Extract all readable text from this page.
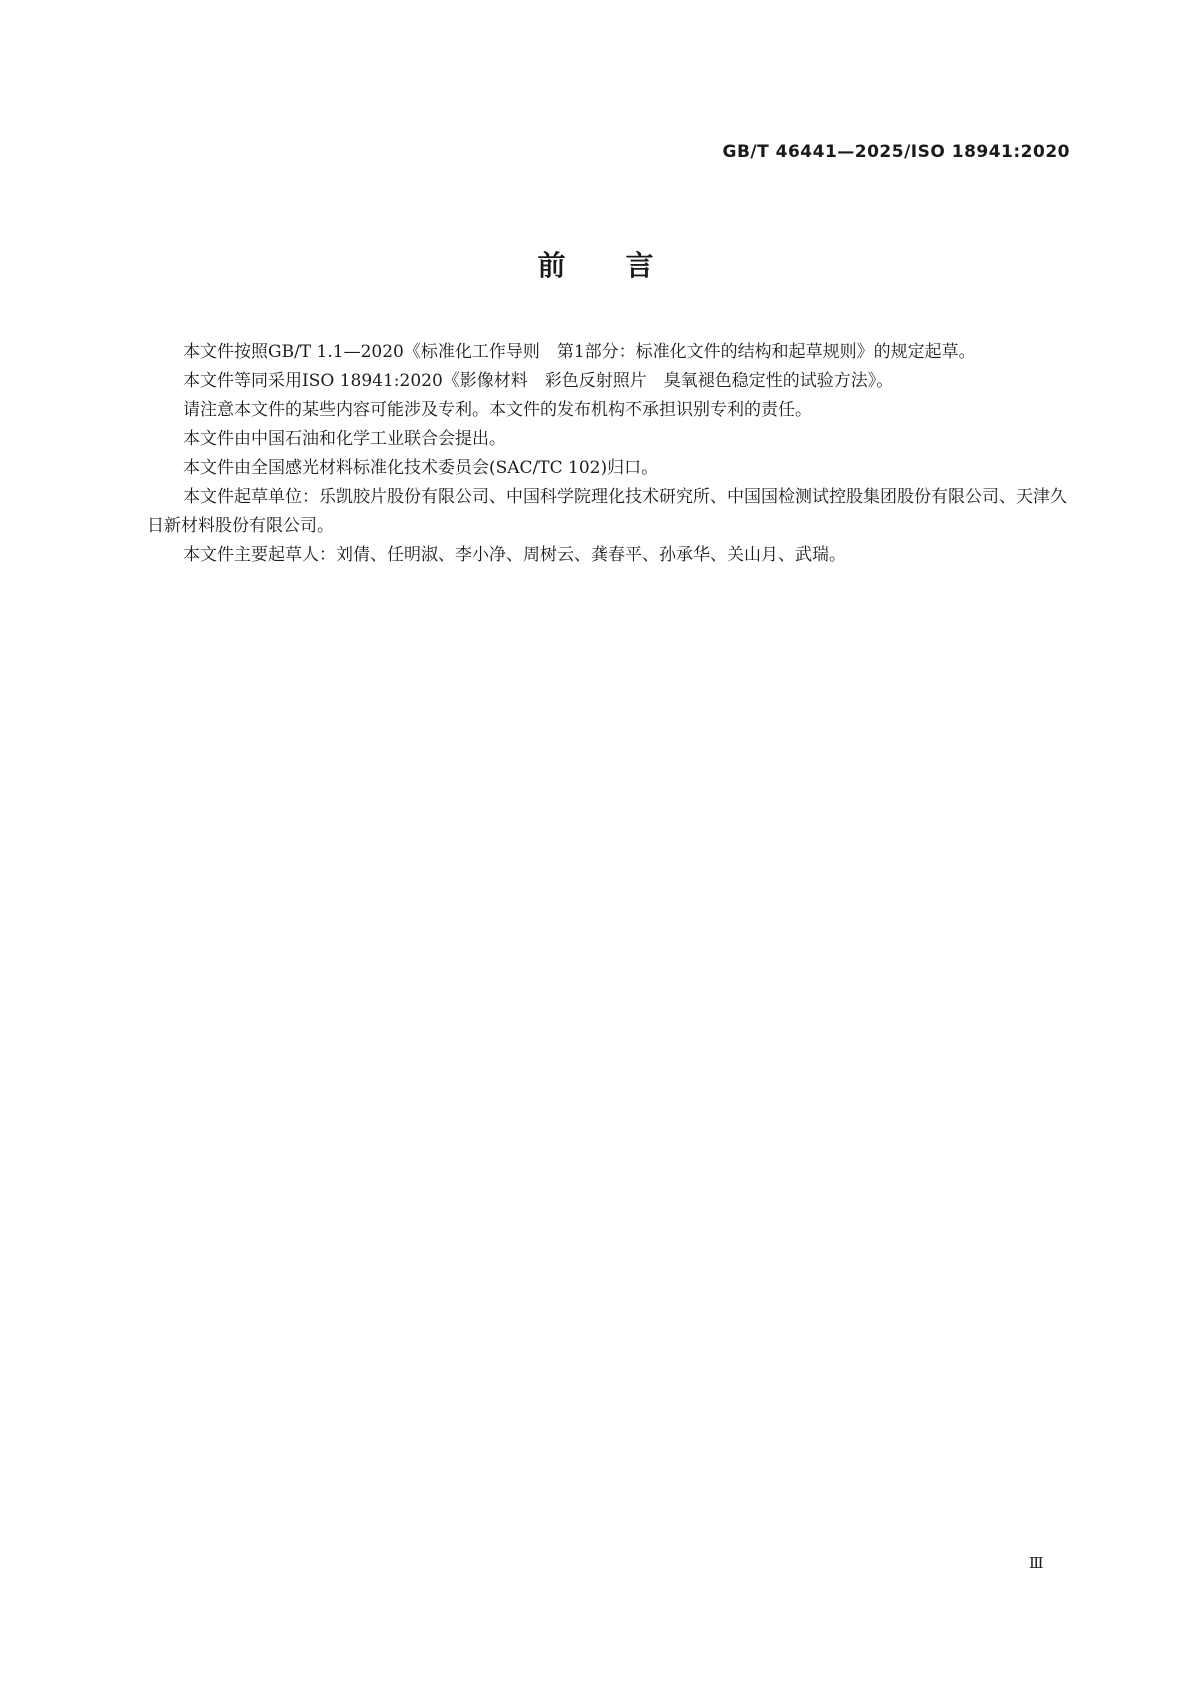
GB/T 46441—2025/ISO 18941:2020
前言

本文件按照GB/T 1.1—2020《标准化工作导则　第1部分：标准化文件的结构和起草规则》的规定起草。

本文件等同采用ISO 18941:2020《影像材料　彩色反射照片　臭氧褪色稳定性的试验方法》。

请注意本文件的某些内容可能涉及专利。本文件的发布机构不承担识别专利的责任。

本文件由中国石油和化学工业联合会提出。

本文件由全国感光材料标准化技术委员会(SAC/TC 102)归口。

本文件起草单位：乐凯胶片股份有限公司、中国科学院理化技术研究所、中国国检测试控股集团股份有限公司、天津久日新材料股份有限公司。

本文件主要起草人：刘倩、任明淑、李小净、周树云、龚春平、孙承华、关山月、武瑞。

Ⅲ
